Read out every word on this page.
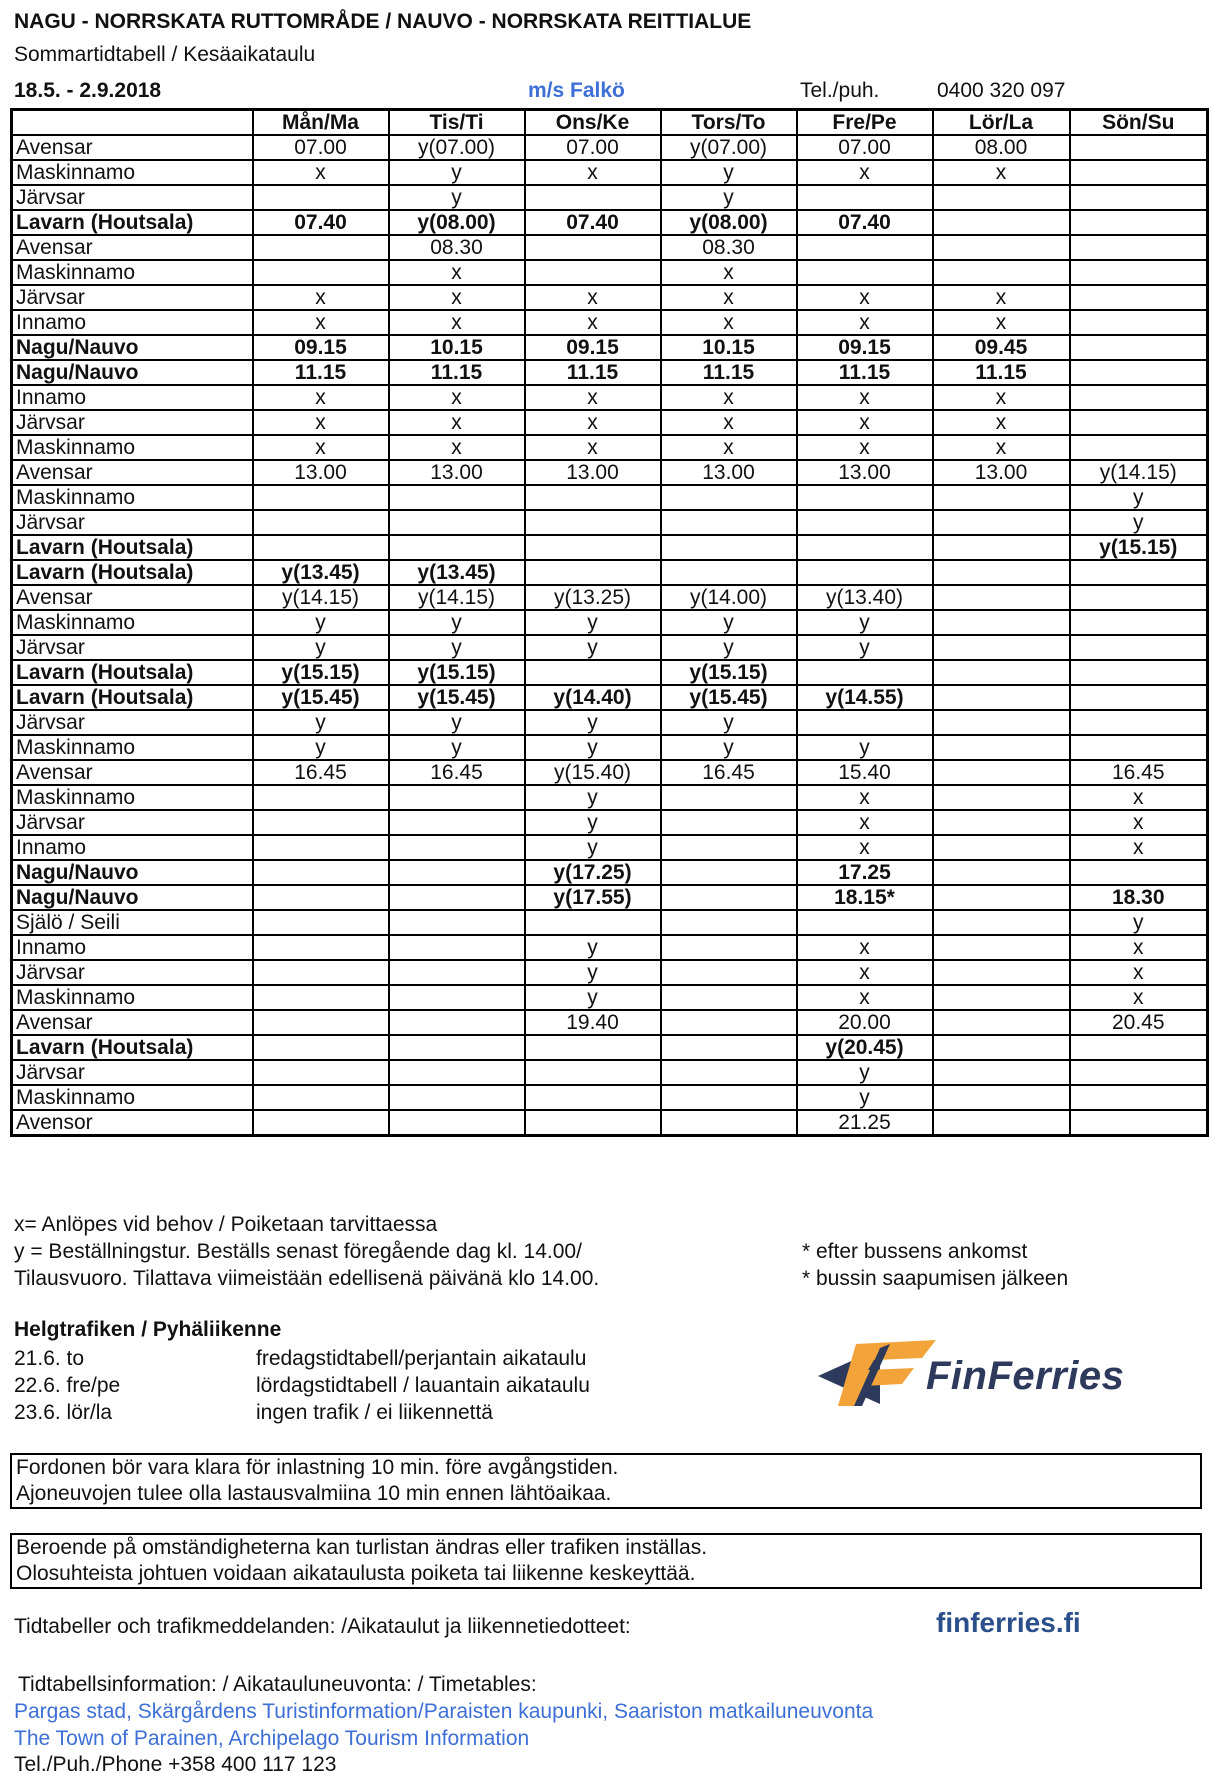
NAGU - NORRSKATA RUTTOMRÅDE / NAUVO - NORRSKATA REITTIALUE
Sommartidtabell / Kesäaikataulu
18.5. - 2.9.2018	m/s Falkö	Tel./puh.	0400 320 097
	Mån/Ma	Tis/Ti	Ons/Ke	Tors/To	Fre/Pe	Lör/La	Sön/Su
Avensar	07.00	y(07.00)	07.00	y(07.00)	07.00	08.00	
Maskinnamo	x	y	x	y	x	x	
Järvsar		y		y			
Lavarn (Houtsala)	07.40	y(08.00)	07.40	y(08.00)	07.40		
Avensar		08.30		08.30			
Maskinnamo		x		x			
Järvsar	x	x	x	x	x	x	
Innamo	x	x	x	x	x	x	
Nagu/Nauvo	09.15	10.15	09.15	10.15	09.15	09.45	
Nagu/Nauvo	11.15	11.15	11.15	11.15	11.15	11.15	
Innamo	x	x	x	x	x	x	
Järvsar	x	x	x	x	x	x	
Maskinnamo	x	x	x	x	x	x	
Avensar	13.00	13.00	13.00	13.00	13.00	13.00	y(14.15)
Maskinnamo							y
Järvsar							y
Lavarn (Houtsala)							y(15.15)
Lavarn (Houtsala)	y(13.45)	y(13.45)					
Avensar	y(14.15)	y(14.15)	y(13.25)	y(14.00)	y(13.40)		
Maskinnamo	y	y	y	y	y		
Järvsar	y	y	y	y	y		
Lavarn (Houtsala)	y(15.15)	y(15.15)		y(15.15)			
Lavarn (Houtsala)	y(15.45)	y(15.45)	y(14.40)	y(15.45)	y(14.55)		
Järvsar	y	y	y	y			
Maskinnamo	y	y	y	y	y		
Avensar	16.45	16.45	y(15.40)	16.45	15.40		16.45
Maskinnamo			y		x		x
Järvsar			y		x		x
Innamo			y		x		x
Nagu/Nauvo			y(17.25)		17.25		
Nagu/Nauvo			y(17.55)		18.15*		18.30
Själö / Seili							y
Innamo			y		x		x
Järvsar			y		x		x
Maskinnamo			y		x		x
Avensar			19.40		20.00		20.45
Lavarn (Houtsala)					y(20.45)		
Järvsar					y		
Maskinnamo					y		
Avensor					21.25		
x= Anlöpes vid behov / Poiketaan tarvittaessa
y = Beställningstur. Beställs senast föregående dag kl. 14.00/
Tilausvuoro. Tilattava viimeistään edellisenä päivänä klo 14.00.
* efter bussens ankomst
* bussin saapumisen jälkeen
Helgtrafiken / Pyhäliikenne
21.6. to	fredagstidtabell/perjantain aikataulu
22.6. fre/pe	lördagstidtabell / lauantain aikataulu
23.6. lör/la	ingen trafik / ei liikennettä
FinFerries
Fordonen bör vara klara för inlastning 10 min. före avgångstiden.
Ajoneuvojen tulee olla lastausvalmiina 10 min ennen lähtöaikaa.
Beroende på omständigheterna kan turlistan ändras eller trafiken inställas.
Olosuhteista johtuen voidaan aikataulusta poiketa tai liikenne keskeyttää.
Tidtabeller och trafikmeddelanden: /Aikataulut ja liikennetiedotteet:	finferries.fi
Tidtabellsinformation: / Aikatauluneuvonta: / Timetables:
Pargas stad, Skärgårdens Turistinformation/Paraisten kaupunki, Saariston matkailuneuvonta
The Town of Parainen, Archipelago Tourism Information
Tel./Puh./Phone +358 400 117 123
